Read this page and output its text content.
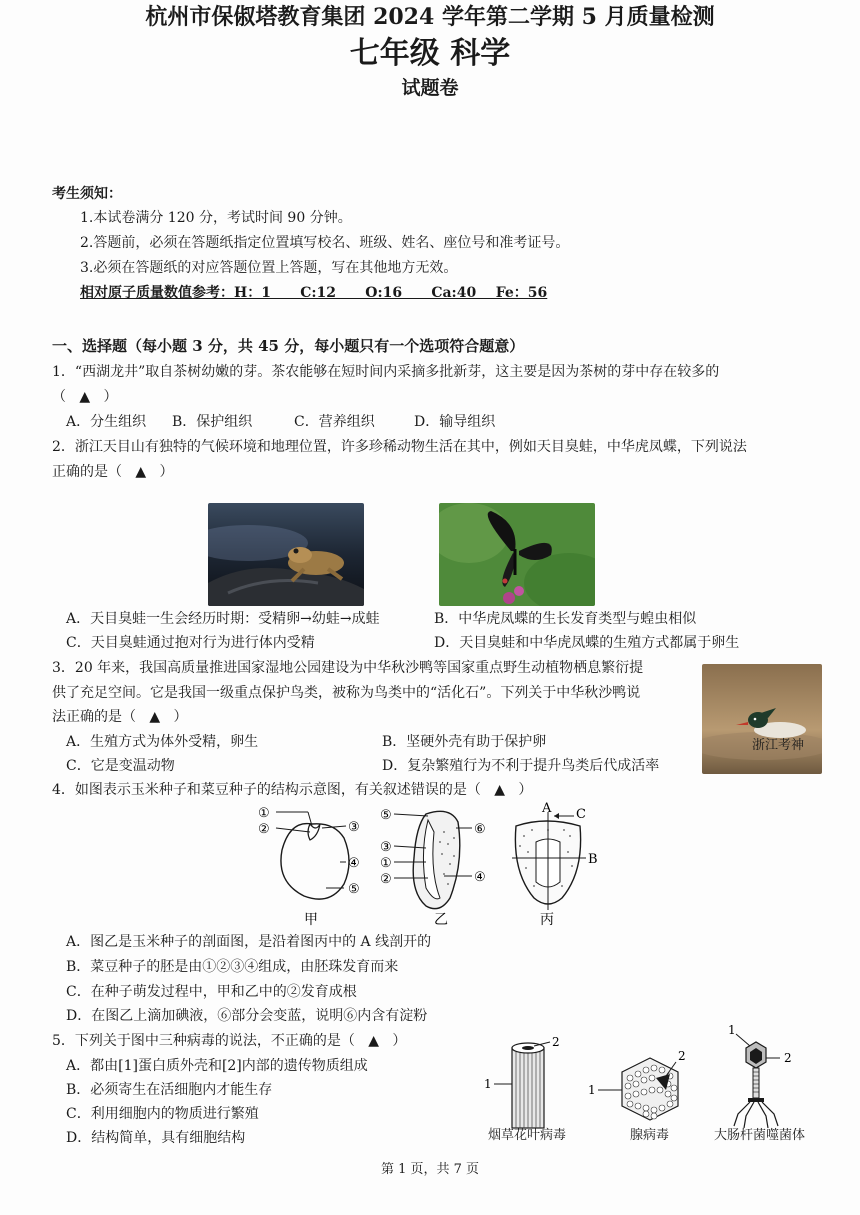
杭州市保俶塔教育集团 2024 学年第二学期 5 月质量检测
七年级 科学
试题卷
考生须知：
1.本试卷满分 120 分，考试时间 90 分钟。
2.答题前，必须在答题纸指定位置填写校名、班级、姓名、座位号和准考证号。
3.必须在答题纸的对应答题位置上答题，写在其他地方无效。
相对原子质量数值参考：H：1      C:12      O:16      Ca:40    Fe：56
一、选择题（每小题 3 分，共 45 分，每小题只有一个选项符合题意）
1．“西湖龙井”取自茶树幼嫩的芽。茶农能够在短时间内采摘多批新芽，这主要是因为茶树的芽中存在较多的
（   ▲   ）
A．分生组织 B．保护组织	C．营养组织	D．输导组织
2．浙江天目山有独特的气候环境和地理位置，许多珍稀动物生活在其中，例如天目臭蛙，中华虎凤蝶，下列说法
正确的是（   ▲   ）
A．天目臭蛙一生会经历时期：受精卵→幼蛙→成蛙	B．中华虎凤蝶的生长发育类型与蝗虫相似
C．天目臭蛙通过抱对行为进行体内受精	D．天目臭蛙和中华虎凤蝶的生殖方式都属于卵生
3．20 年来，我国高质量推进国家湿地公园建设为中华秋沙鸭等国家重点野生动植物栖息繁衍提
供了充足空间。它是我国一级重点保护鸟类，被称为鸟类中的“活化石”。下列关于中华秋沙鸭说
法正确的是（   ▲   ）
A．生殖方式为体外受精，卵生	B．坚硬外壳有助于保护卵
C．它是变温动物	D．复杂繁殖行为不利于提升鸟类后代成活率
浙江考神
4．如图表示玉米种子和菜豆种子的结构示意图，有关叙述错误的是（   ▲   ）
①
②	③
④
⑤
甲
⑤
③
①
②
⑥
④
乙
A C
B
丙
A．图乙是玉米种子的剖面图，是沿着图丙中的 A 线剖开的
B．菜豆种子的胚是由①②③④组成，由胚珠发育而来
C．在种子萌发过程中，甲和乙中的②发育成根
D．在图乙上滴加碘液，⑥部分会变蓝，说明⑥内含有淀粉
5．下列关于图中三种病毒的说法，不正确的是（   ▲   ）
A．都由[1]蛋白质外壳和[2]内部的遗传物质组成
B．必须寄生在活细胞内才能生存
C．利用细胞内的物质进行繁殖
D．结构简单，具有细胞结构
2
1
2
1
1
2
烟草花叶病毒	腺病毒	大肠杆菌噬菌体
第 1 页，共 7 页
